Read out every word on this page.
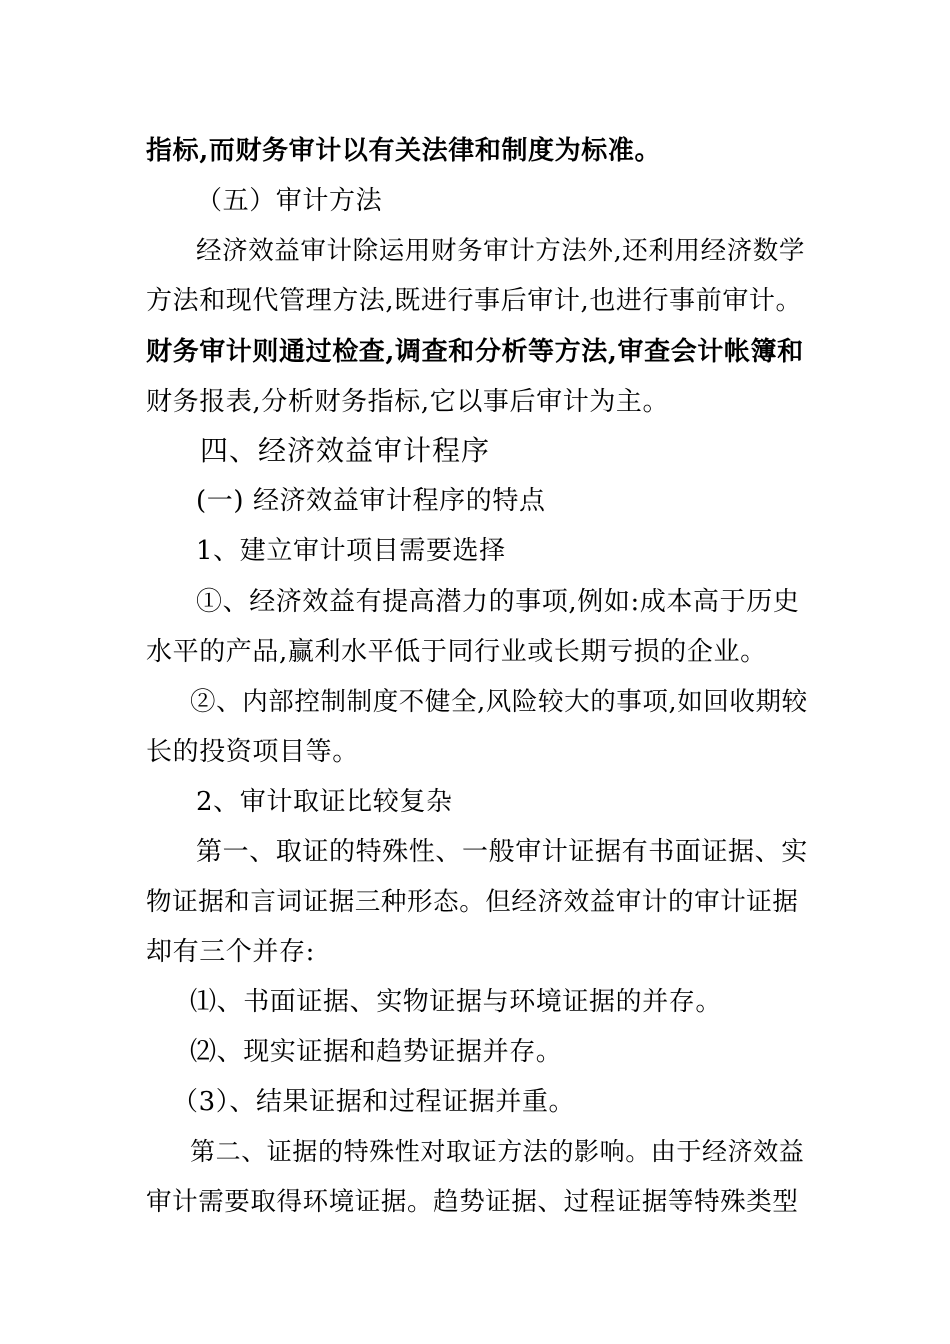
指标,而财务审计以有关法律和制度为标准。
（五）审计方法
经济效益审计除运用财务审计方法外,还利用经济数学
方法和现代管理方法,既进行事后审计,也进行事前审计。
财务审计则通过检查,调查和分析等方法,审查会计帐簿和
财务报表,分析财务指标,它以事后审计为主。
四、经济效益审计程序
(一) 经济效益审计程序的特点
1、建立审计项目需要选择
①、经济效益有提高潜力的事项,例如:成本高于历史
水平的产品,赢利水平低于同行业或长期亏损的企业。
②、内部控制制度不健全,风险较大的事项,如回收期较
长的投资项目等。
2、审计取证比较复杂
第一、取证的特殊性、一般审计证据有书面证据、实
物证据和言词证据三种形态。但经济效益审计的审计证据
却有三个并存:
⑴、书面证据、实物证据与环境证据的并存。
⑵、现实证据和趋势证据并存。
（3）、结果证据和过程证据并重。
第二、证据的特殊性对取证方法的影响。由于经济效益
审计需要取得环境证据。趋势证据、过程证据等特殊类型
